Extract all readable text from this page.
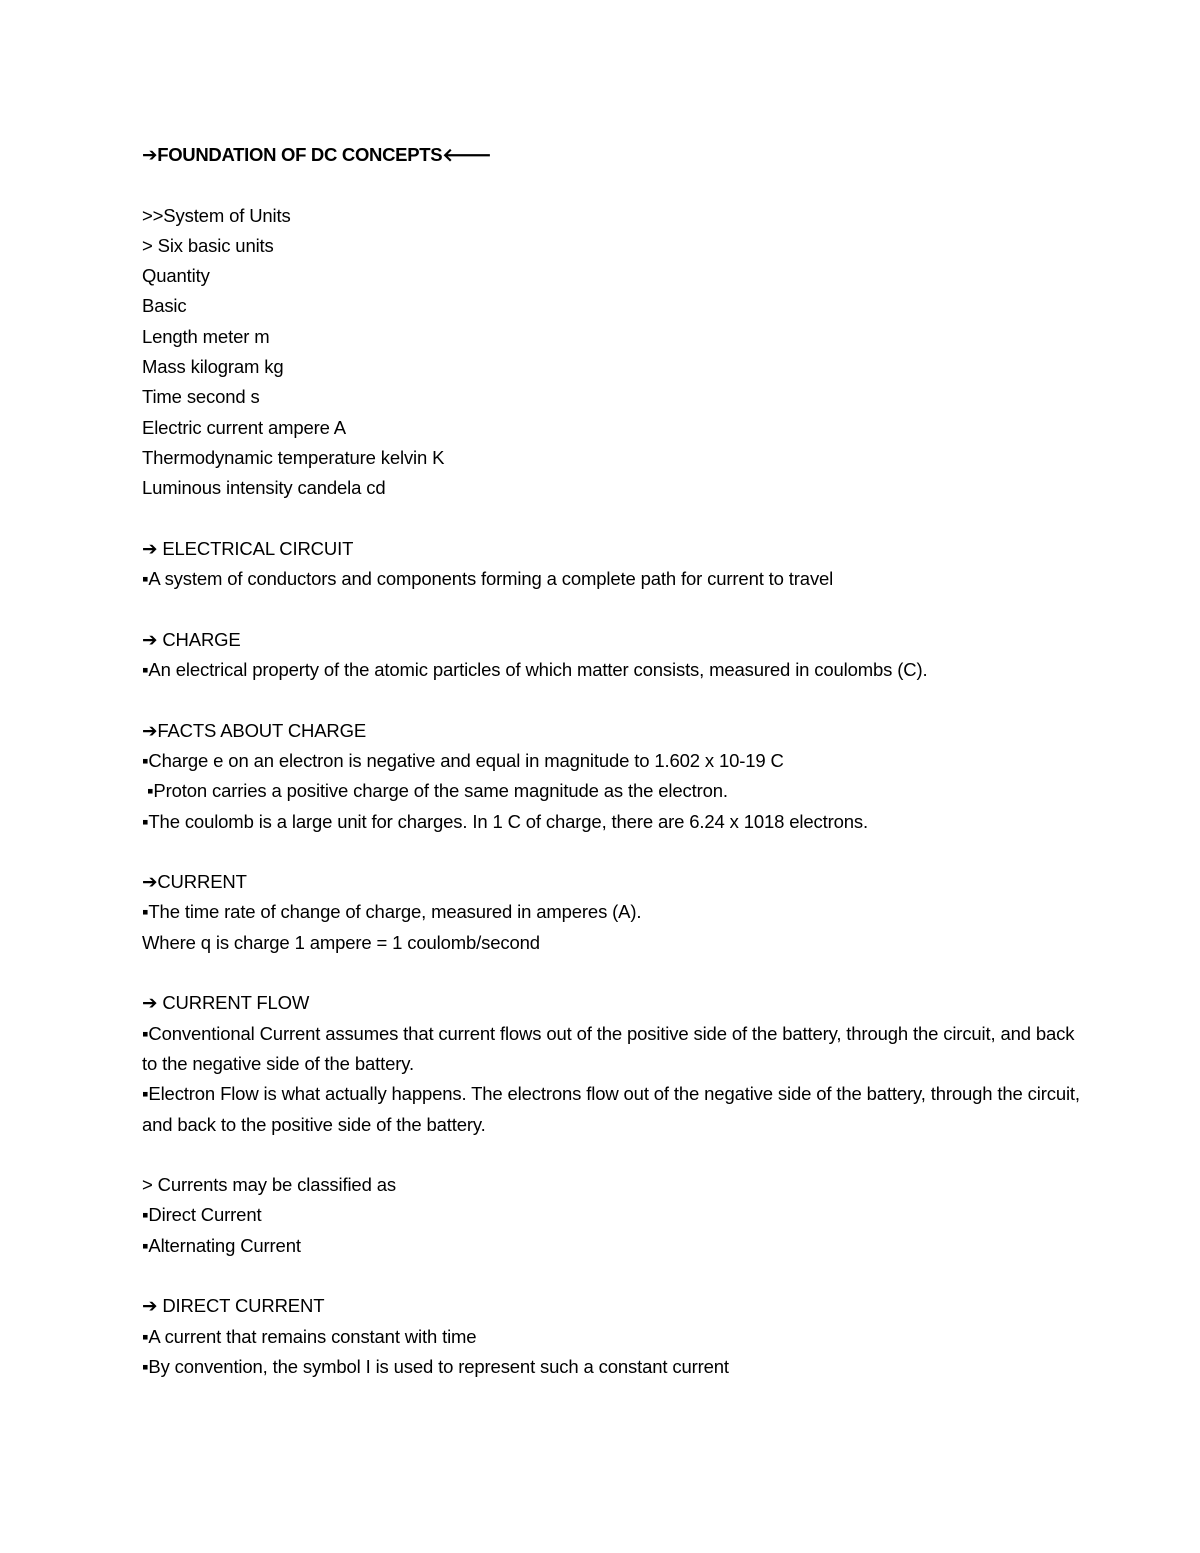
➔FOUNDATION OF DC CONCEPTS🡐
>>System of Units
> Six basic units
Quantity
Basic
Length meter m
Mass kilogram kg
Time second s
Electric current ampere A
Thermodynamic temperature kelvin K
Luminous intensity candela cd
➔ ELECTRICAL CIRCUIT
▪A system of conductors and components forming a complete path for current to travel
➔ CHARGE
▪An electrical property of the atomic particles of which matter consists, measured in coulombs (C).
➔FACTS ABOUT CHARGE
▪Charge e on an electron is negative and equal in magnitude to 1.602 x 10-19 C
▪Proton carries a positive charge of the same magnitude as the electron.
▪The coulomb is a large unit for charges. In 1 C of charge, there are 6.24 x 1018 electrons.
➔CURRENT
▪The time rate of change of charge, measured in amperes (A).
Where q is charge 1 ampere = 1 coulomb/second
➔ CURRENT FLOW
▪Conventional Current assumes that current flows out of the positive side of the battery, through the circuit, and back to the negative side of the battery.
▪Electron Flow is what actually happens. The electrons flow out of the negative side of the battery, through the circuit, and back to the positive side of the battery.
> Currents may be classified as
▪Direct Current
▪Alternating Current
➔ DIRECT CURRENT
▪A current that remains constant with time
▪By convention, the symbol I is used to represent such a constant current
